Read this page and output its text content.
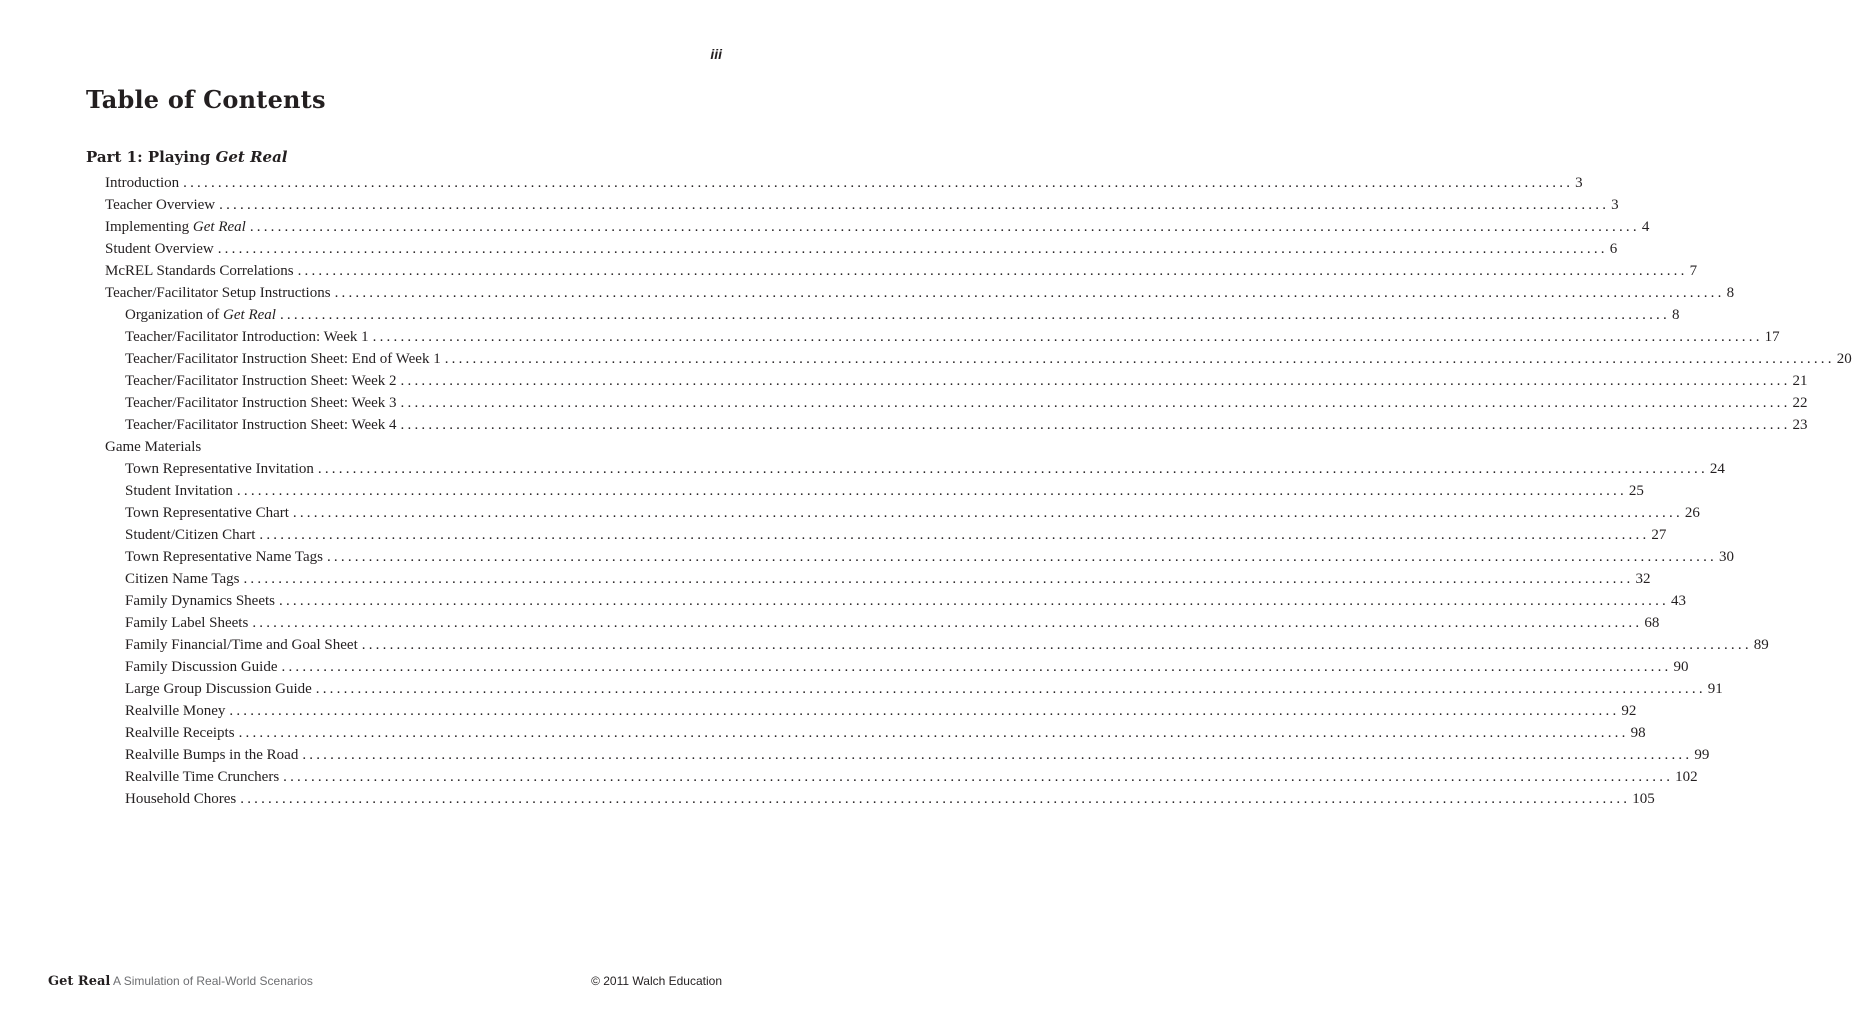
iii
Table of Contents
Part 1: Playing Get Real
Introduction ........................................................................................................................................................................................................ 3
Teacher Overview ........................................................................................................................................................................................................ 3
Implementing Get Real ........................................................................................................................................................................................................ 4
Student Overview ........................................................................................................................................................................................................ 6
McREL Standards Correlations ........................................................................................................................................................................................................ 7
Teacher/Facilitator Setup Instructions ........................................................................................................................................................................................................ 8
Organization of Get Real ........................................................................................................................................................................................................ 8
Teacher/Facilitator Introduction: Week 1 ........................................................................................................................................................................................................ 17
Teacher/Facilitator Instruction Sheet: End of Week 1 ........................................................................................................................................................................................................ 20
Teacher/Facilitator Instruction Sheet: Week 2 ........................................................................................................................................................................................................ 21
Teacher/Facilitator Instruction Sheet: Week 3 ........................................................................................................................................................................................................ 22
Teacher/Facilitator Instruction Sheet: Week 4 ........................................................................................................................................................................................................ 23
Game Materials
Town Representative Invitation ........................................................................................................................................................................................................ 24
Student Invitation ........................................................................................................................................................................................................ 25
Town Representative Chart ........................................................................................................................................................................................................ 26
Student/Citizen Chart ........................................................................................................................................................................................................ 27
Town Representative Name Tags ........................................................................................................................................................................................................ 30
Citizen Name Tags ........................................................................................................................................................................................................ 32
Family Dynamics Sheets ........................................................................................................................................................................................................ 43
Family Label Sheets ........................................................................................................................................................................................................ 68
Family Financial/Time and Goal Sheet ........................................................................................................................................................................................................ 89
Family Discussion Guide ........................................................................................................................................................................................................ 90
Large Group Discussion Guide ........................................................................................................................................................................................................ 91
Realville Money ........................................................................................................................................................................................................ 92
Realville Receipts ........................................................................................................................................................................................................ 98
Realville Bumps in the Road ........................................................................................................................................................................................................ 99
Realville Time Crunchers ........................................................................................................................................................................................................ 102
Household Chores ........................................................................................................................................................................................................ 105
Get Real A Simulation of Real-World Scenarios	© 2011 Walch Education
